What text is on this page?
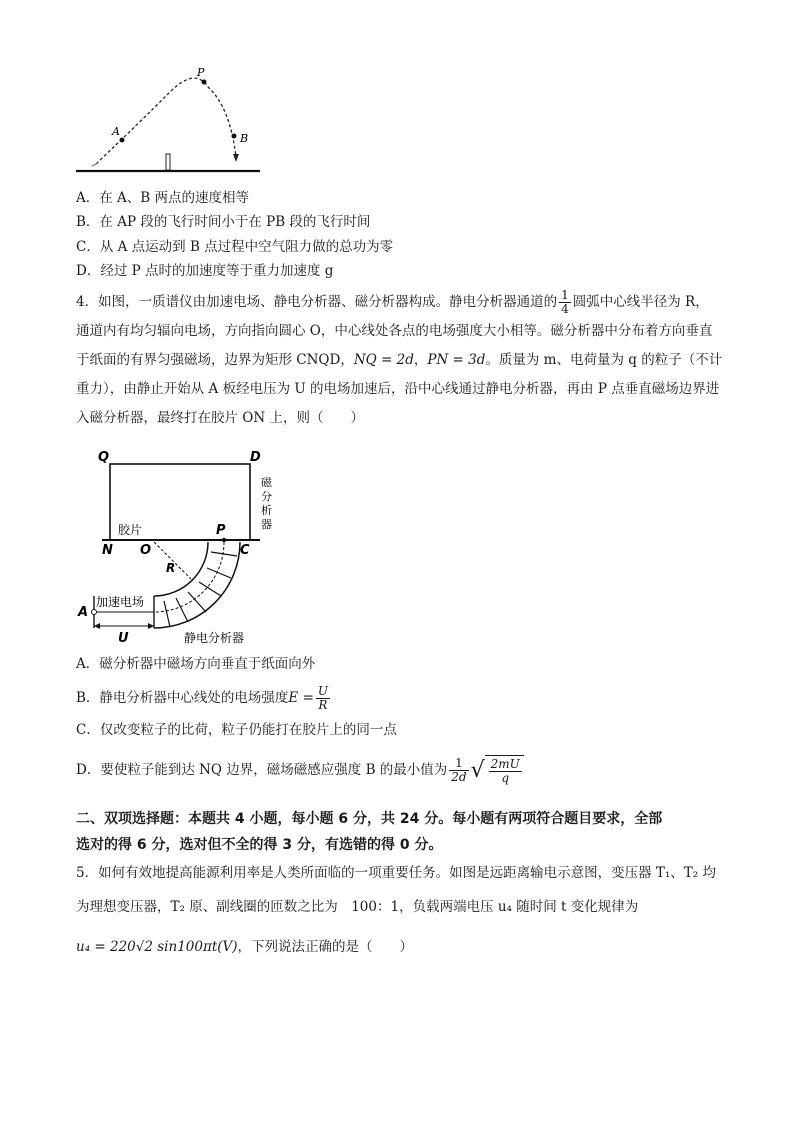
P
A
B
A．在 A、B 两点的速度相等
B．在 AP 段的飞行时间小于在 PB 段的飞行时间
C．从 A 点运动到 B 点过程中空气阻力做的总功为零
D．经过 P 点时的加速度等于重力加速度 g
4．如图，一质谱仪由加速电场、静电分析器、磁分析器构成。静电分析器通道的 $\frac{1}{4}$ 圆弧中心线半径为 R，
通道内有均匀辐向电场，方向指向圆心 O，中心线处各点的电场强度大小相等。磁分析器中分布着方向垂直
于纸面的有界匀强磁场，边界为矩形 CNQD，NQ = 2d，PN = 3d。质量为 m、电荷量为 q 的粒子（不计
重力），由静止开始从 A 板经电压为 U 的电场加速后，沿中心线通过静电分析器，再由 P 点垂直磁场边界进
入磁分析器，最终打在胶片 ON 上，则（　　）
Q	D
磁
分
析
器
胶片	P
N O	C
R
加速电场
A
U	静电分析器
A．磁分析器中磁场方向垂直于纸面向外
B．静电分析器中心线处的电场强度$E = \frac{U}{R}$
C．仅改变粒子的比荷，粒子仍能打在胶片上的同一点
D．要使粒子能到达 NQ 边界，磁场磁感应强度 B 的最小值为 $\frac{1}{2d}$ √ $\frac{2mU}{q}$
二、双项选择题：本题共 4 小题，每小题 6 分，共 24 分。每小题有两项符合题目要求，全部
选对的得 6 分，选对但不全的得 3 分，有选错的得 0 分。
5．如何有效地提高能源利用率是人类所面临的一项重要任务。如图是远距离输电示意图，变压器 T₁、T₂ 均
为理想变压器，T₂ 原、副线圈的匝数之比为　100：1，负载两端电压 u₄ 随时间 t 变化规律为
u₄ = 220√2 sin100πt(V)，下列说法正确的是（　　）
